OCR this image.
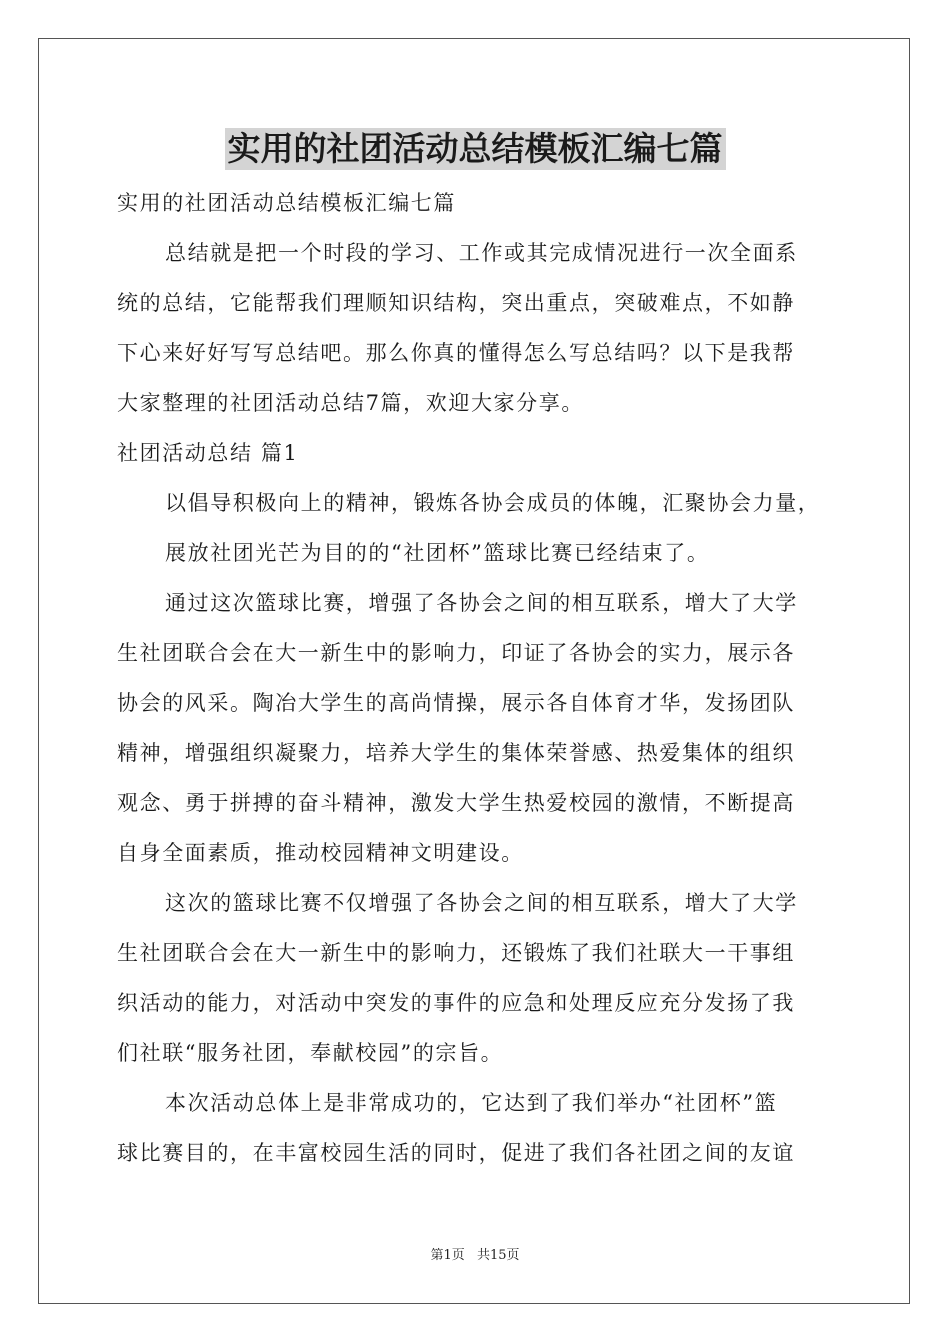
实用的社团活动总结模板汇编七篇
实用的社团活动总结模板汇编七篇
总结就是把一个时段的学习、工作或其完成情况进行一次全面系
统的总结，它能帮我们理顺知识结构，突出重点，突破难点，不如静
下心来好好写写总结吧。那么你真的懂得怎么写总结吗？以下是我帮
大家整理的社团活动总结7篇，欢迎大家分享。
社团活动总结 篇1
以倡导积极向上的精神，锻炼各协会成员的体魄，汇聚协会力量，
展放社团光芒为目的的“社团杯”篮球比赛已经结束了。
通过这次篮球比赛，增强了各协会之间的相互联系，增大了大学
生社团联合会在大一新生中的影响力，印证了各协会的实力，展示各
协会的风采。陶冶大学生的高尚情操，展示各自体育才华，发扬团队
精神，增强组织凝聚力，培养大学生的集体荣誉感、热爱集体的组织
观念、勇于拼搏的奋斗精神，激发大学生热爱校园的激情，不断提高
自身全面素质，推动校园精神文明建设。
这次的篮球比赛不仅增强了各协会之间的相互联系，增大了大学
生社团联合会在大一新生中的影响力，还锻炼了我们社联大一干事组
织活动的能力，对活动中突发的事件的应急和处理反应充分发扬了我
们社联“服务社团，奉献校园”的宗旨。
本次活动总体上是非常成功的，它达到了我们举办“社团杯”篮
球比赛目的，在丰富校园生活的同时，促进了我们各社团之间的友谊
第1页 共15页
